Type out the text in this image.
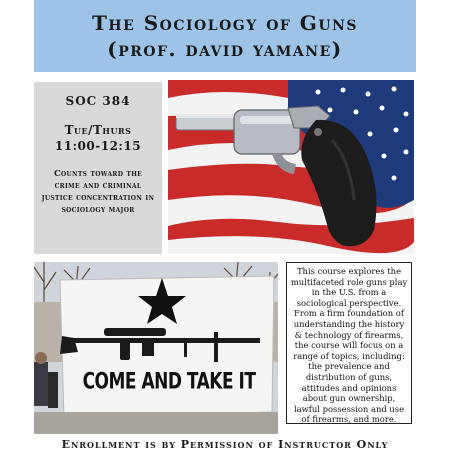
The Sociology of Guns
(prof. david yamane)
SOC 384
Tue/Thurs
11:00-12:15
Counts toward the crime and criminal justice concentration in sociology major
COME AND TAKE IT
This course explores the multifaceted role guns play in the U.S. from a sociological perspective. From a firm foundation of understanding the history & technology of firearms, the course will focus on a range of topics, including: the prevalence and distribution of guns, attitudes and opinions about gun ownership, lawful possession and use of firearms, and more.
Enrollment is by Permission of Instructor Only
